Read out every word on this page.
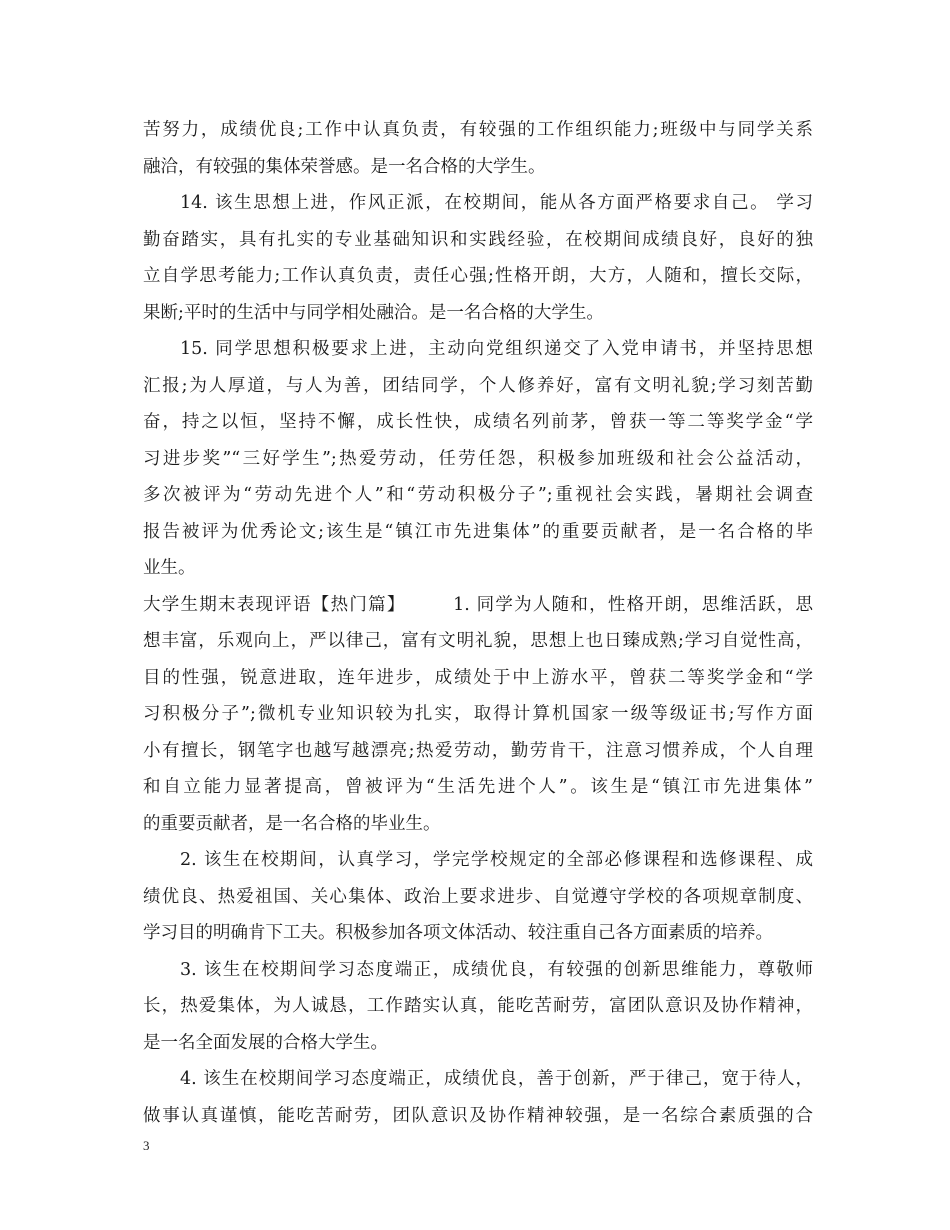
苦努力，成绩优良;工作中认真负责，有较强的工作组织能力;班级中与同学关系
融洽，有较强的集体荣誉感。是一名合格的大学生。
14. 该生思想上进，作风正派，在校期间，能从各方面严格要求自己。 学习
勤奋踏实，具有扎实的专业基础知识和实践经验，在校期间成绩良好，良好的独
立自学思考能力;工作认真负责，责任心强;性格开朗，大方，人随和，擅长交际，
果断;平时的生活中与同学相处融洽。是一名合格的大学生。
15. 同学思想积极要求上进，主动向党组织递交了入党申请书，并坚持思想
汇报;为人厚道，与人为善，团结同学，个人修养好，富有文明礼貌;学习刻苦勤
奋，持之以恒，坚持不懈，成长性快，成绩名列前茅，曾获一等二等奖学金“学
习进步奖”“三好学生”;热爱劳动，任劳任怨，积极参加班级和社会公益活动，
多次被评为“劳动先进个人”和“劳动积极分子”;重视社会实践，暑期社会调查
报告被评为优秀论文;该生是“镇江市先进集体”的重要贡献者，是一名合格的毕
业生。
大学生期末表现评语【热门篇】　　　1. 同学为人随和，性格开朗，思维活跃，思
想丰富，乐观向上，严以律己，富有文明礼貌，思想上也日臻成熟;学习自觉性高，
目的性强，锐意进取，连年进步，成绩处于中上游水平，曾获二等奖学金和“学
习积极分子”;微机专业知识较为扎实，取得计算机国家一级等级证书;写作方面
小有擅长，钢笔字也越写越漂亮;热爱劳动，勤劳肯干，注意习惯养成，个人自理
和自立能力显著提高，曾被评为“生活先进个人”。该生是“镇江市先进集体”
的重要贡献者，是一名合格的毕业生。
2. 该生在校期间，认真学习，学完学校规定的全部必修课程和选修课程、成
绩优良、热爱祖国、关心集体、政治上要求进步、自觉遵守学校的各项规章制度、
学习目的明确肯下工夫。积极参加各项文体活动、较注重自己各方面素质的培养。
3. 该生在校期间学习态度端正，成绩优良，有较强的创新思维能力，尊敬师
长，热爱集体，为人诚恳，工作踏实认真，能吃苦耐劳，富团队意识及协作精神，
是一名全面发展的合格大学生。
4. 该生在校期间学习态度端正，成绩优良，善于创新，严于律己，宽于待人，
做事认真谨慎，能吃苦耐劳，团队意识及协作精神较强，是一名综合素质强的合
3
